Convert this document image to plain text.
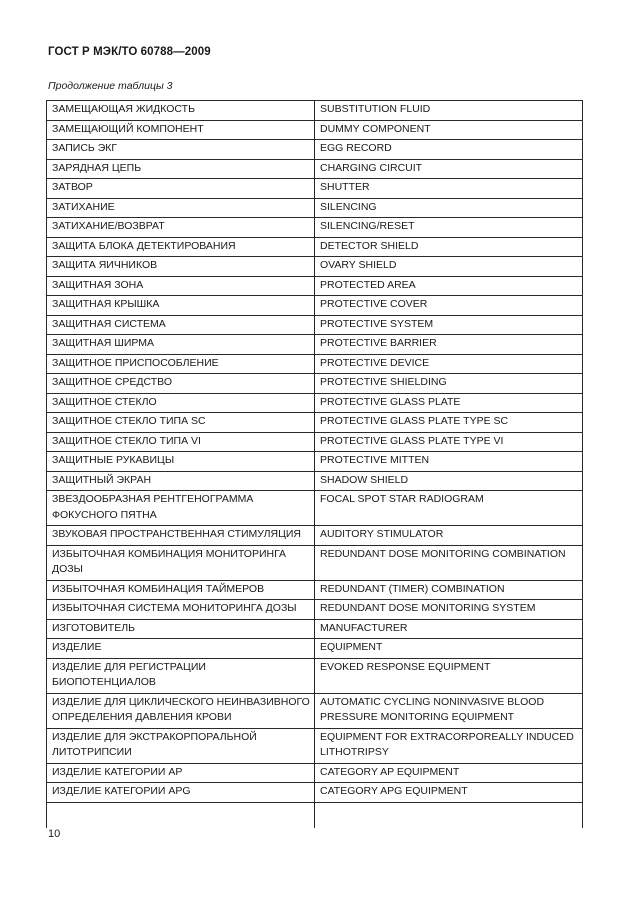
ГОСТ Р МЭК/ТО 60788—2009
Продолжение таблицы 3
ЗАМЕЩАЮЩАЯ ЖИДКОСТЬ	SUBSTITUTION FLUID
ЗАМЕЩАЮЩИЙ КОМПОНЕНТ	DUMMY COMPONENT
ЗАПИСЬ ЭКГ	EGG RECORD
ЗАРЯДНАЯ ЦЕПЬ	CHARGING CIRCUIT
ЗАТВОР	SHUTTER
ЗАТИХАНИЕ	SILENCING
ЗАТИХАНИЕ/ВОЗВРАТ	SILENCING/RESET
ЗАЩИТА БЛОКА ДЕТЕКТИРОВАНИЯ	DETECTOR SHIELD
ЗАЩИТА ЯИЧНИКОВ	OVARY SHIELD
ЗАЩИТНАЯ ЗОНА	PROTECTED AREA
ЗАЩИТНАЯ КРЫШКА	PROTECTIVE COVER
ЗАЩИТНАЯ СИСТЕМА	PROTECTIVE SYSTEM
ЗАЩИТНАЯ ШИРМА	PROTECTIVE BARRIER
ЗАЩИТНОЕ ПРИСПОСОБЛЕНИЕ	PROTECTIVE DEVICE
ЗАЩИТНОЕ СРЕДСТВО	PROTECTIVE SHIELDING
ЗАЩИТНОЕ СТЕКЛО	PROTECTIVE GLASS PLATE
ЗАЩИТНОЕ СТЕКЛО ТИПА SC	PROTECTIVE GLASS PLATE TYPE SC
ЗАЩИТНОЕ СТЕКЛО ТИПА VI	PROTECTIVE GLASS PLATE TYPE VI
ЗАЩИТНЫЕ РУКАВИЦЫ	PROTECTIVE MITTEN
ЗАЩИТНЫЙ ЭКРАН	SHADOW SHIELD
ЗВЕЗДООБРАЗНАЯ РЕНТГЕНОГРАММА ФОКУСНОГО ПЯТНА	FOCAL SPOT STAR RADIOGRAM
ЗВУКОВАЯ ПРОСТРАНСТВЕННАЯ СТИМУЛЯЦИЯ	AUDITORY STIMULATOR
ИЗБЫТОЧНАЯ КОМБИНАЦИЯ МОНИТОРИНГА ДОЗЫ	REDUNDANT DOSE MONITORING COMBINATION
ИЗБЫТОЧНАЯ КОМБИНАЦИЯ ТАЙМЕРОВ	REDUNDANT (TIMER) COMBINATION
ИЗБЫТОЧНАЯ СИСТЕМА МОНИТОРИНГА ДОЗЫ	REDUNDANT DOSE MONITORING SYSTEM
ИЗГОТОВИТЕЛЬ	MANUFACTURER
ИЗДЕЛИЕ	EQUIPMENT
ИЗДЕЛИЕ ДЛЯ РЕГИСТРАЦИИ БИОПОТЕНЦИАЛОВ	EVOKED RESPONSE EQUIPMENT
ИЗДЕЛИЕ ДЛЯ ЦИКЛИЧЕСКОГО НЕИНВАЗИВНОГО ОПРЕДЕЛЕНИЯ ДАВЛЕНИЯ КРОВИ	AUTOMATIC CYCLING NONINVASIVE BLOOD PRESSURE MONITORING EQUIPMENT
ИЗДЕЛИЕ ДЛЯ ЭКСТРАКОРПОРАЛЬНОЙ ЛИТОТРИПСИИ	EQUIPMENT FOR EXTRACORPOREALLY INDUCED LITHOTRIPSY
ИЗДЕЛИЕ КАТЕГОРИИ АР	CATEGORY AP EQUIPMENT
ИЗДЕЛИЕ КАТЕГОРИИ APG	CATEGORY APG EQUIPMENT

10
